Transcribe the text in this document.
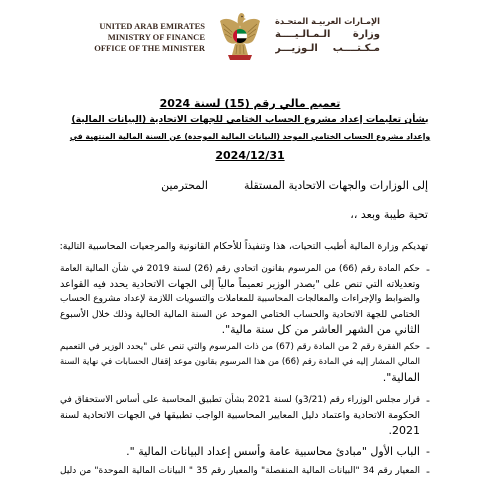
UNITED ARAB EMIRATES
MINISTRY OF FINANCE
OFFICE OF THE MINISTER
الإمـارات العربيـة المتحـدة
وزارة الـمـالـيــــة
مـكـتــــب الـوزيـــر
تعميم مالي رقم (15) لسنة 2024
بشأن تعليمات إعداد مشروع الحساب الختامي للجهات الاتحادية (البيانات المالية)
وإعداد مشروع الحساب الختامي الموحد (البيانات المالية الموحدة) عن السنة المالية المنتهية في
2024/12/31
إلى الوزارات والجهات الاتحادية المستقلة
المحترمين
تحية طيبة وبعد ،،
تهديكم وزارة المالية أطيب التحيات، هذا وتنفيذاً للأحكام القانونية والمرجعيات المحاسبية التالية:
-
حكم المادة رقم (66) من المرسوم بقانون اتحادي رقم (26) لسنة 2019 في شأن المالية العامة
وتعديلاته التي تنص على "يصدر الوزير تعميماً مالياً إلى الجهات الاتحادية يحدد فيه القواعد
والضوابط والإجراءات والمعالجات المحاسبية للمعاملات والتسويات اللازمة لإعداد مشروع الحساب
الختامي للجهة الاتحادية والحساب الختامي الموحد عن السنة المالية الحالية وذلك خلال الأسبوع
الثاني من الشهر العاشر من كل سنة مالية".
-
حكم الفقرة رقم 2 من المادة رقم (67) من ذات المرسوم والتي تنص على "يحدد الوزير في التعميم
المالي المشار إليه في المادة رقم (66) من هذا المرسوم بقانون موعد إقفال الحسابات في نهاية السنة
المالية".
-
قرار مجلس الوزراء رقم (3/21و) لسنة 2021 بشأن تطبيق المحاسبة على أساس الاستحقاق في
الحكومة الاتحادية واعتماد دليل المعايير المحاسبية الواجب تطبيقها في الجهات الاتحادية لسنة
2021.
-
الباب الأول "مبادئ محاسبية عامة وأسس إعداد البيانات المالية ".
-
المعيار رقم 34 "البيانات المالية المنفصلة" والمعيار رقم 35 " البيانات المالية الموحدة" من دليل
